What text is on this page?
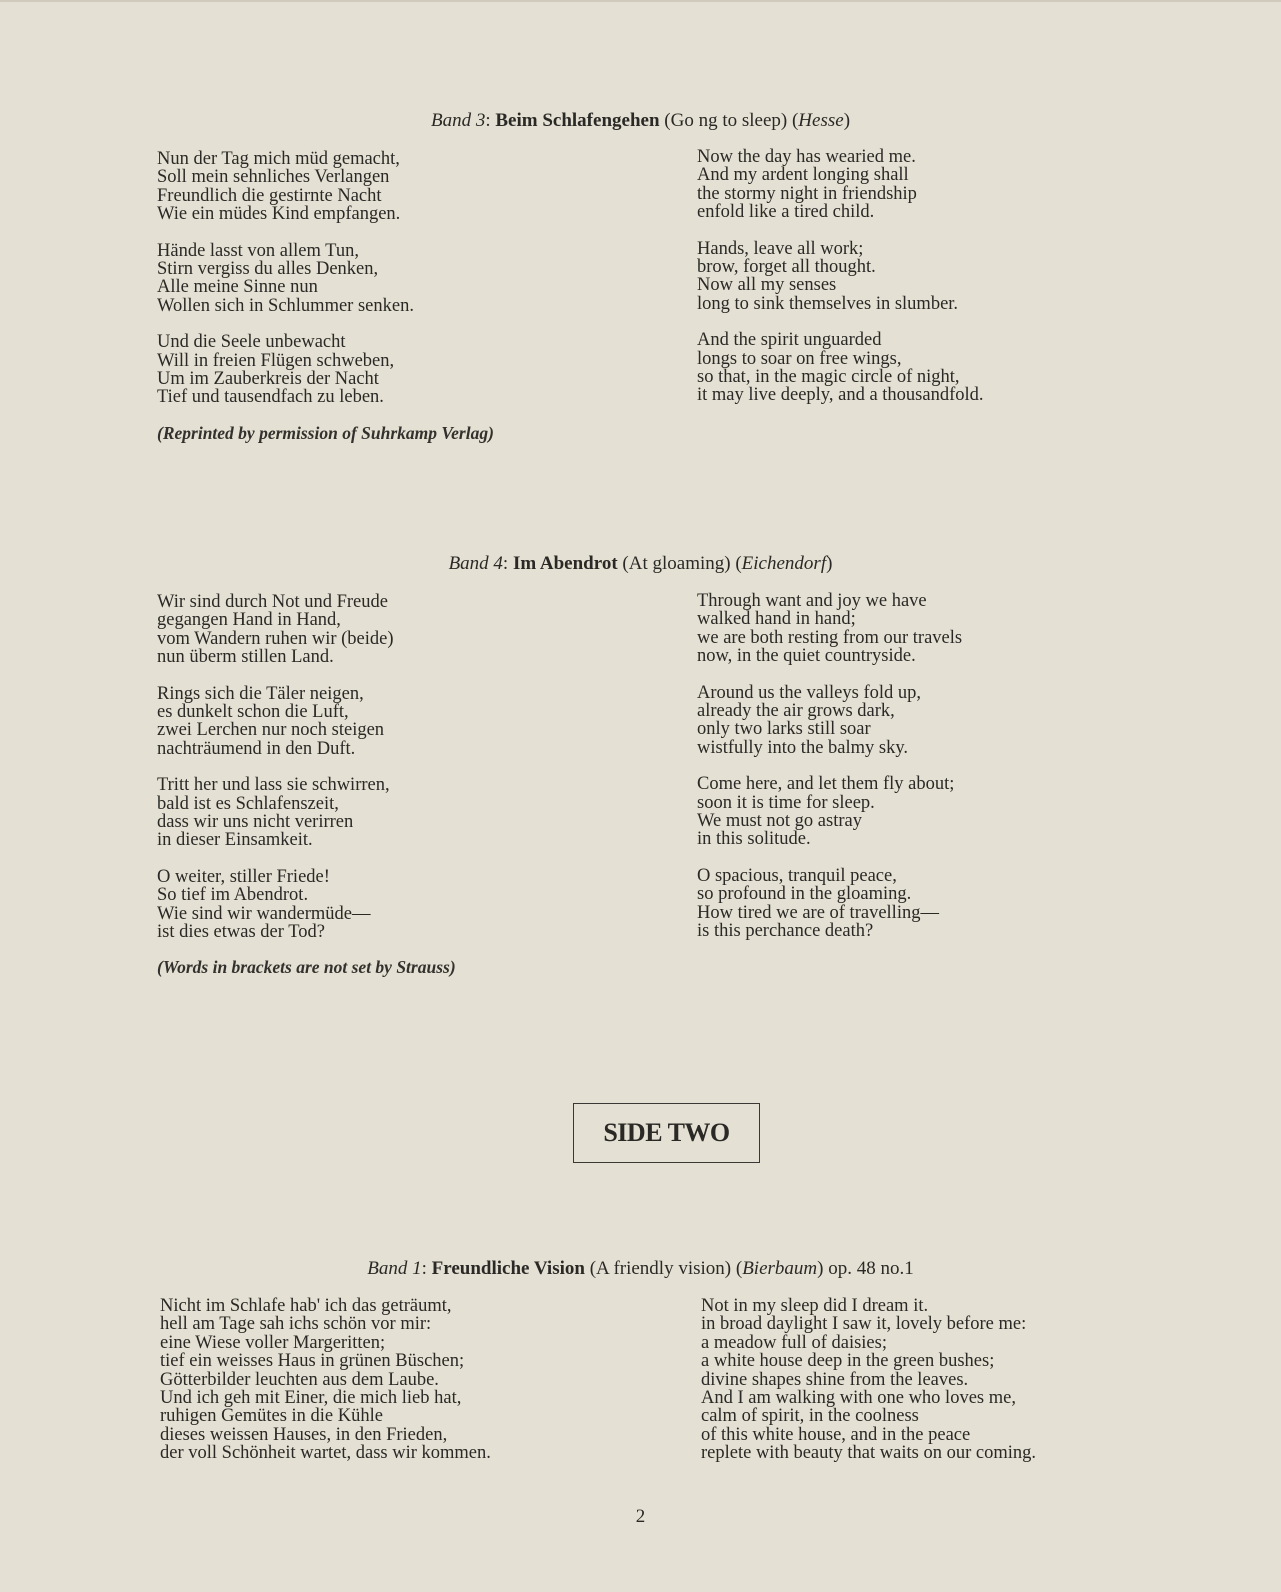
Band 3: Beim Schlafengehen (Go ng to sleep) (Hesse)
Nun der Tag mich müd gemacht,
Soll mein sehnliches Verlangen
Freundlich die gestirnte Nacht
Wie ein müdes Kind empfangen.
Hände lasst von allem Tun,
Stirn vergiss du alles Denken,
Alle meine Sinne nun
Wollen sich in Schlummer senken.
Und die Seele unbewacht
Will in freien Flügen schweben,
Um im Zauberkreis der Nacht
Tief und tausendfach zu leben.
Now the day has wearied me.
And my ardent longing shall
the stormy night in friendship
enfold like a tired child.
Hands, leave all work;
brow, forget all thought.
Now all my senses
long to sink themselves in slumber.
And the spirit unguarded
longs to soar on free wings,
so that, in the magic circle of night,
it may live deeply, and a thousandfold.
(Reprinted by permission of Suhrkamp Verlag)
Band 4: Im Abendrot (At gloaming) (Eichendorf)
Wir sind durch Not und Freude
gegangen Hand in Hand,
vom Wandern ruhen wir (beide)
nun überm stillen Land.
Rings sich die Täler neigen,
es dunkelt schon die Luft,
zwei Lerchen nur noch steigen
nachträumend in den Duft.
Tritt her und lass sie schwirren,
bald ist es Schlafenszeit,
dass wir uns nicht verirren
in dieser Einsamkeit.
O weiter, stiller Friede!
So tief im Abendrot.
Wie sind wir wandermüde—
ist dies etwas der Tod?
Through want and joy we have
walked hand in hand;
we are both resting from our travels
now, in the quiet countryside.
Around us the valleys fold up,
already the air grows dark,
only two larks still soar
wistfully into the balmy sky.
Come here, and let them fly about;
soon it is time for sleep.
We must not go astray
in this solitude.
O spacious, tranquil peace,
so profound in the gloaming.
How tired we are of travelling—
is this perchance death?
(Words in brackets are not set by Strauss)
SIDE TWO
Band 1: Freundliche Vision (A friendly vision) (Bierbaum) op. 48 no.1
Nicht im Schlafe hab' ich das geträumt,
hell am Tage sah ichs schön vor mir:
eine Wiese voller Margeritten;
tief ein weisses Haus in grünen Büschen;
Götterbilder leuchten aus dem Laube.
Und ich geh mit Einer, die mich lieb hat,
ruhigen Gemütes in die Kühle
dieses weissen Hauses, in den Frieden,
der voll Schönheit wartet, dass wir kommen.
Not in my sleep did I dream it.
in broad daylight I saw it, lovely before me:
a meadow full of daisies;
a white house deep in the green bushes;
divine shapes shine from the leaves.
And I am walking with one who loves me,
calm of spirit, in the coolness
of this white house, and in the peace
replete with beauty that waits on our coming.
2
